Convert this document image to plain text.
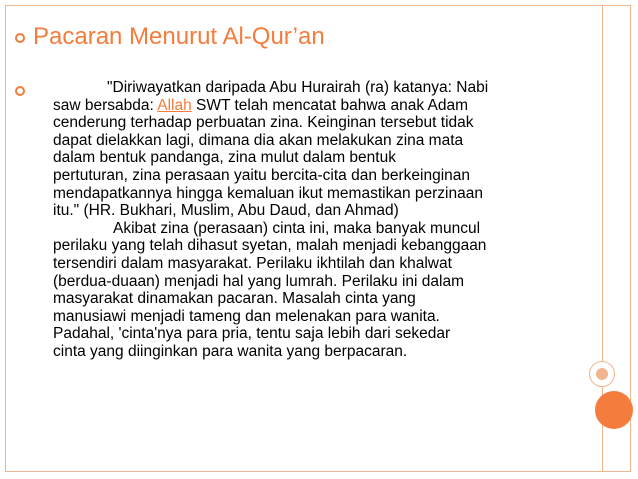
Pacaran Menurut Al-Qur’an
"Diriwayatkan daripada Abu Hurairah (ra) katanya: Nabi
saw bersabda: Allah SWT telah mencatat bahwa anak Adam
cenderung terhadap perbuatan zina. Keinginan tersebut tidak
dapat dielakkan lagi, dimana dia akan melakukan zina mata
dalam bentuk pandanga, zina mulut dalam bentuk
pertuturan, zina perasaan yaitu bercita-cita dan berkeinginan
mendapatkannya hingga kemaluan ikut memastikan perzinaan
itu." (HR. Bukhari, Muslim, Abu Daud, dan Ahmad)
Akibat zina (perasaan) cinta ini, maka banyak muncul
perilaku yang telah dihasut syetan, malah menjadi kebanggaan
tersendiri dalam masyarakat. Perilaku ikhtilah dan khalwat
(berdua-duaan) menjadi hal yang lumrah. Perilaku ini dalam
masyarakat dinamakan pacaran. Masalah cinta yang
manusiawi menjadi tameng dan melenakan para wanita.
Padahal, 'cinta'nya para pria, tentu saja lebih dari sekedar
cinta yang diinginkan para wanita yang berpacaran.
